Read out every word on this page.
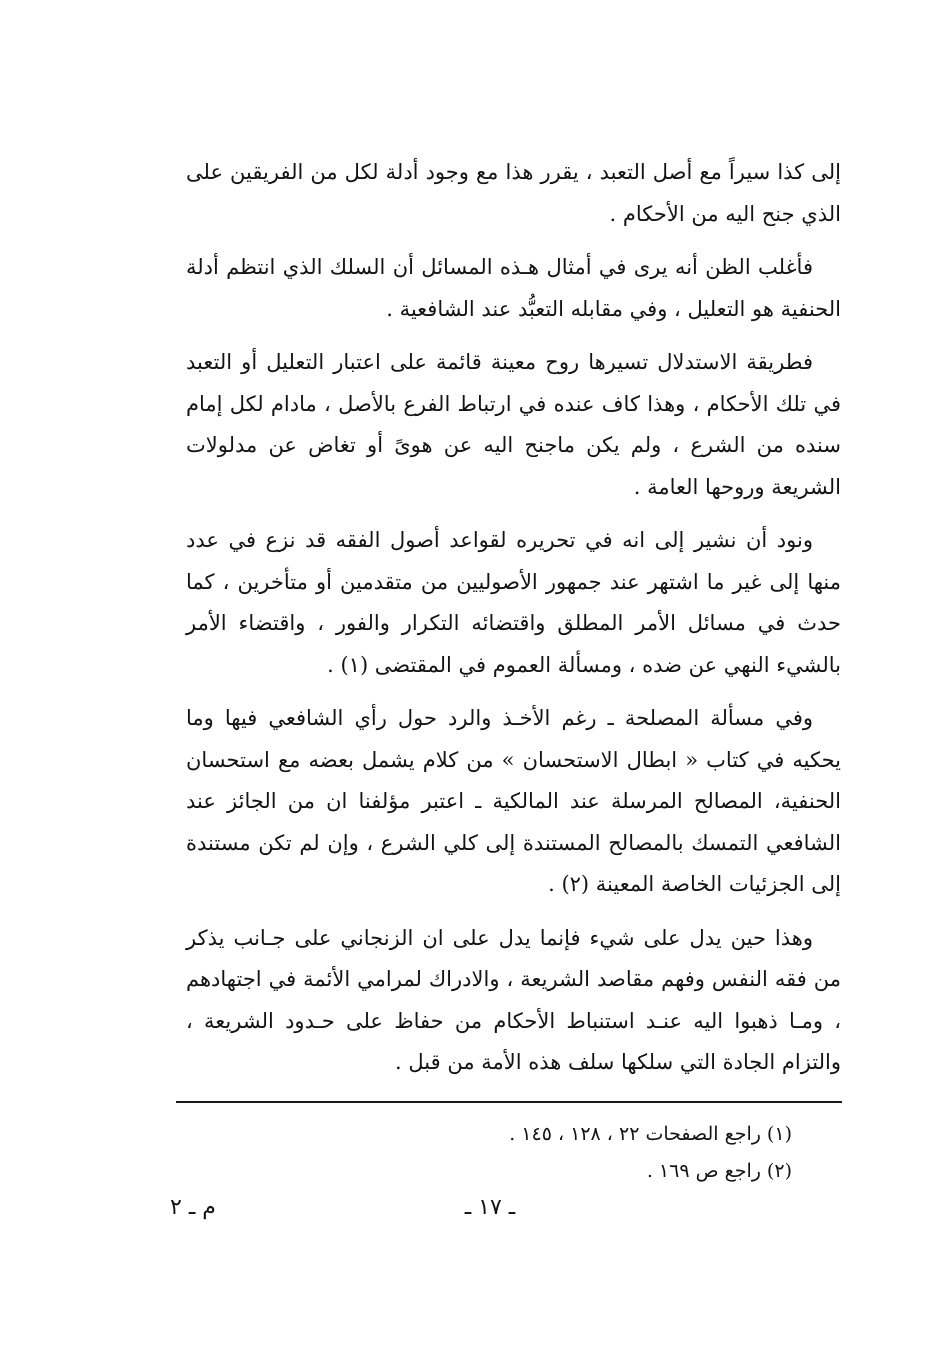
إلى كذا سيراً مع أصل التعبد ، يقرر هذا مع وجود أدلة لكل من الفريقين على الذي جنح اليه من الأحكام .

فأغلب الظن أنه يرى في أمثال هـذه المسائل أن السلك الذي انتظم أدلة الحنفية هو التعليل ، وفي مقابله التعبُّد عند الشافعية .

فطريقة الاستدلال تسيرها روح معينة قائمة على اعتبار التعليل أو التعبد في تلك الأحكام ، وهذا كاف عنده في ارتباط الفرع بالأصل ، مادام لكل إمام سنده من الشرع ، ولم يكن ماجنح اليه عن هوىً أو تغاض عن مدلولات الشريعة وروحها العامة .

ونود أن نشير إلى انه في تحريره لقواعد أصول الفقه قد نزع في عدد منها إلى غير ما اشتهر عند جمهور الأصوليين من متقدمين أو متأخرين ، كما حدث في مسائل الأمر المطلق واقتضائه التكرار والفور ، واقتضاء الأمر بالشيء النهي عن ضده ، ومسألة العموم في المقتضى (١) .

وفي مسألة المصلحة ـ رغم الأخـذ والرد حول رأي الشافعي فيها وما يحكيه في كتاب « ابطال الاستحسان » من كلام يشمل بعضه مع استحسان الحنفية، المصالح المرسلة عند المالكية ـ اعتبر مؤلفنا ان من الجائز عند الشافعي التمسك بالمصالح المستندة إلى كلي الشرع ، وإن لم تكن مستندة إلى الجزئيات الخاصة المعينة (٢) .

وهذا حين يدل على شيء فإنما يدل على ان الزنجاني على جـانب يذكر من فقه النفس وفهم مقاصد الشريعة ، والادراك لمرامي الأئمة في اجتهادهم ، ومـا ذهبوا اليه عنـد استنباط الأحكام من حفاظ على حـدود الشريعة ، والتزام الجادة التي سلكها سلف هذه الأمة من قبل .

(١) راجع الصفحات ٢٢ ، ١٢٨ ، ١٤٥ .

(٢) راجع ص ١٦٩ .

ـ ١٧ ـ
م ـ ٢
